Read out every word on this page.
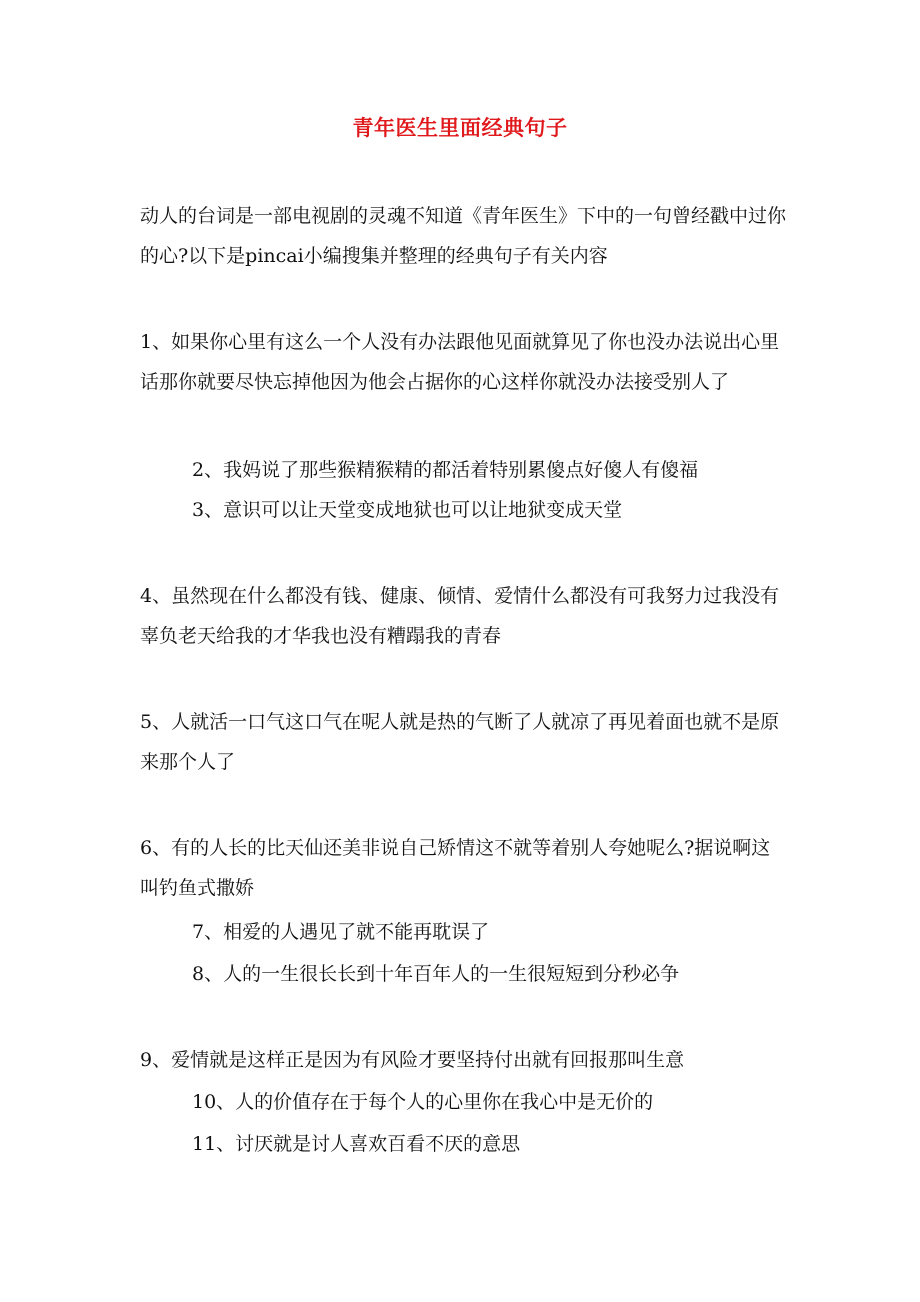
青年医生里面经典句子
动人的台词是一部电视剧的灵魂不知道《青年医生》下中的一句曾经戳中过你的心?以下是pincai小编搜集并整理的经典句子有关内容
1、如果你心里有这么一个人没有办法跟他见面就算见了你也没办法说出心里话那你就要尽快忘掉他因为他会占据你的心这样你就没办法接受别人了
2、我妈说了那些猴精猴精的都活着特别累傻点好傻人有傻福
3、意识可以让天堂变成地狱也可以让地狱变成天堂
4、虽然现在什么都没有钱、健康、倾情、爱情什么都没有可我努力过我没有辜负老天给我的才华我也没有糟蹋我的青春
5、人就活一口气这口气在呢人就是热的气断了人就凉了再见着面也就不是原来那个人了
6、有的人长的比天仙还美非说自己矫情这不就等着别人夸她呢么?据说啊这叫钓鱼式撒娇
7、相爱的人遇见了就不能再耽误了
8、人的一生很长长到十年百年人的一生很短短到分秒必争
9、爱情就是这样正是因为有风险才要坚持付出就有回报那叫生意
10、人的价值存在于每个人的心里你在我心中是无价的
11、讨厌就是讨人喜欢百看不厌的意思
